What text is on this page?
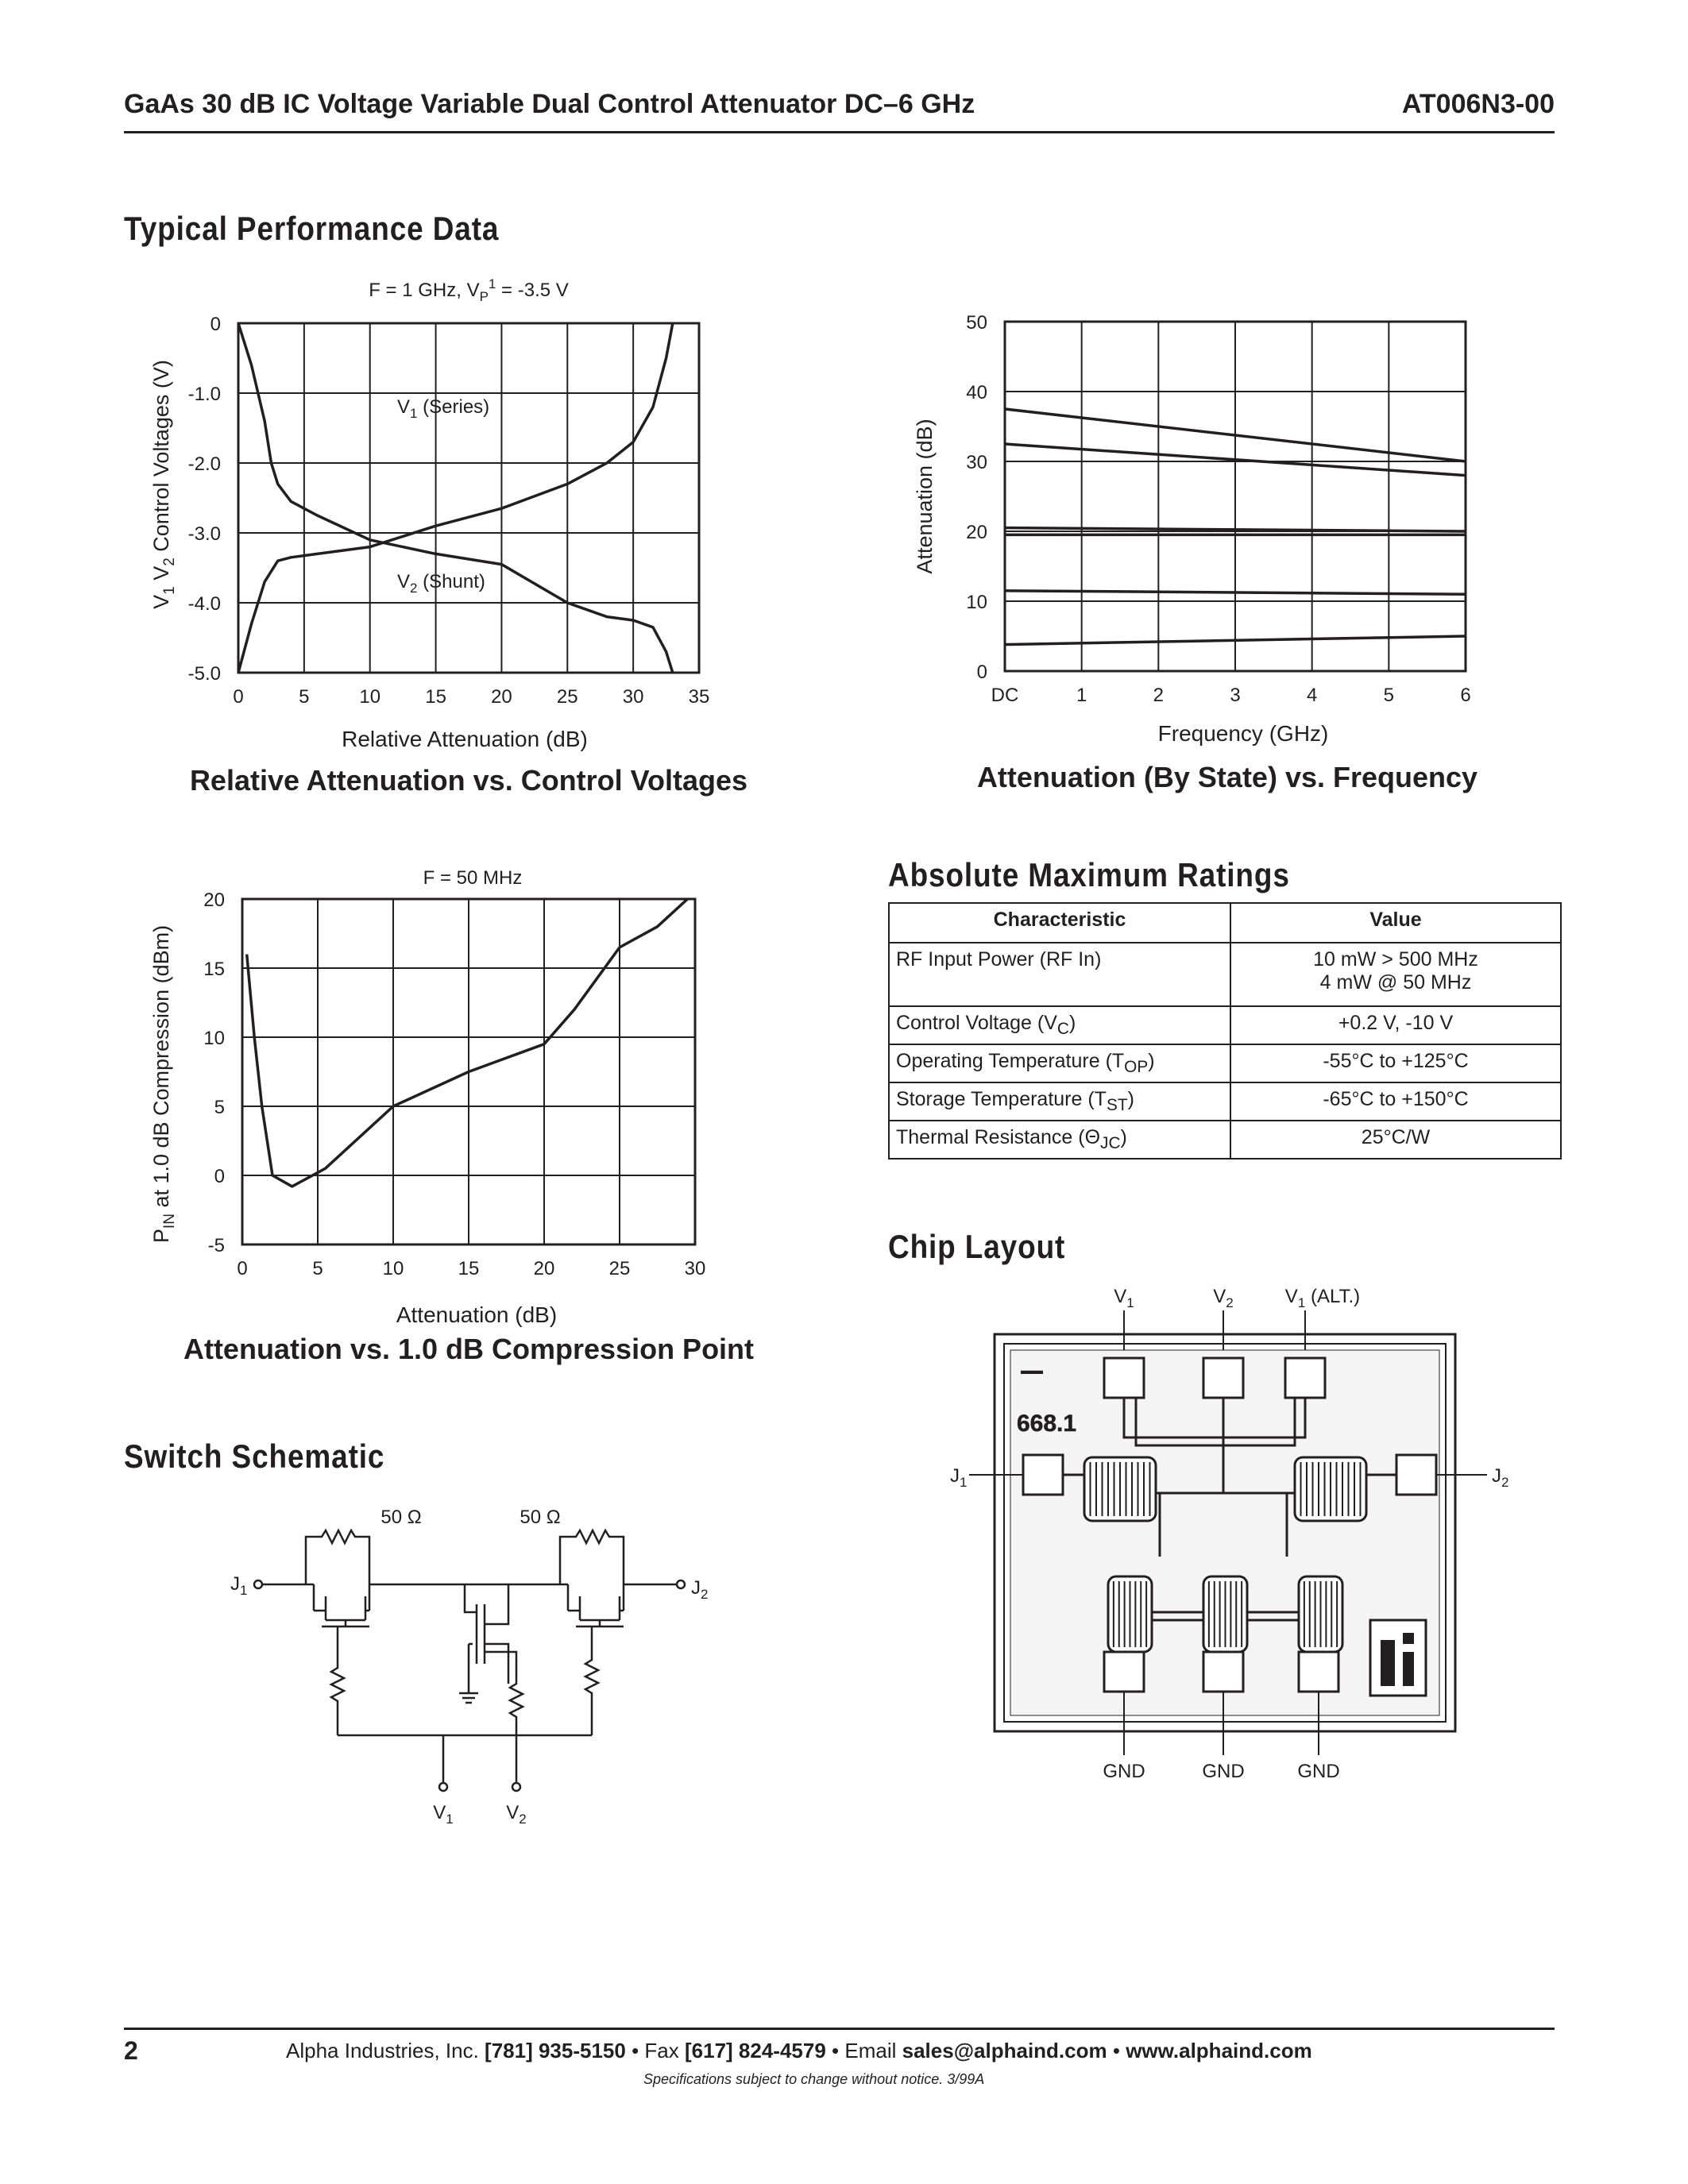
GaAs 30 dB IC Voltage Variable Dual Control Attenuator DC–6 GHz	AT006N3-00
Typical Performance Data
F = 1 GHz, $V_P^1 = -3.5$ V
0	5	10 15 20 25 30 35
0
-1.0
-2.0
-3.0
-4.0
-5.0
$V_1$ (Series)
$V_2$ (Shunt)
Relative Attenuation (dB)
$V_1$ $V_2$ Control Voltages (V)
Relative Attenuation vs. Control Voltages
DC	1	2	3	4	5	6
50
40
30
20
10
0
Frequency (GHz)
Attenuation (dB)
Attenuation (By State) vs. Frequency
F = 50 MHz
0	5	10	15	20	25	30
20
15
10
5
0
-5
Attenuation (dB)
$P_{IN}$ at 1.0 dB Compression (dBm)
Attenuation vs. 1.0 dB Compression Point
Absolute Maximum Ratings
Characteristic	Value
RF Input Power (RF In)	10 mW > 500 MHz
4 mW @ 50 MHz
Control Voltage $(V_C)$	+0.2 V, -10 V
Operating Temperature $(T_{OP})$	-55°C to +125°C
Storage Temperature $(T_{ST})$	-65°C to +150°C
Thermal Resistance $(\Theta_{JC})$	25°C/W
Chip Layout
$V_1$	$V_2$	$V_1$ (ALT.)
▬▬
668.1
$J_1$	$J_2$
GND	GND	GND
Switch Schematic
50 Ω	50 Ω
$J_1$	$J_2$
$V_1$	$V_2$
2	Alpha Industries, Inc. [781] 935-5150 • Fax [617] 824-4579 • Email sales@alphaind.com • www.alphaind.com
Specifications subject to change without notice. 3/99A
